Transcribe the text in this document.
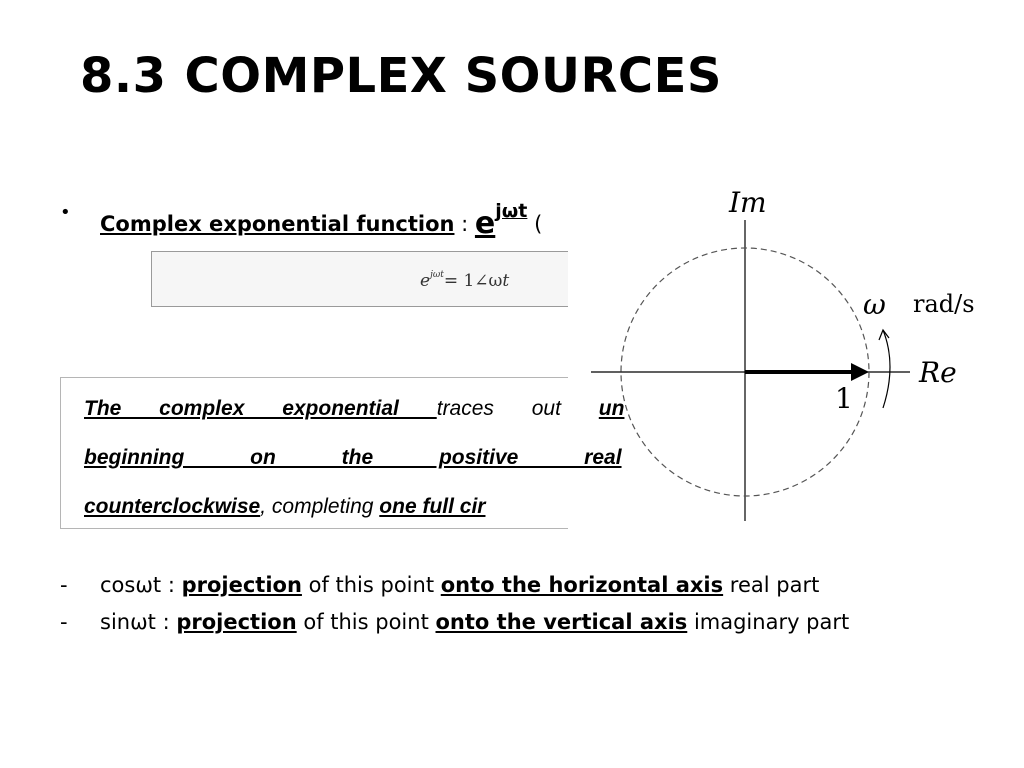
8.3 COMPLEX SOURCES
• Complex exponential function : ejωt (
$e^{j\omega t}=$ 1∠ωt
The complex exponential traces out un
beginning on the positive real
counterclockwise, completing one full cir
Im
Re
ω rad/s
1
- cosωt : projection of this point onto the horizontal axis real part
- sinωt : projection of this point onto the vertical axis imaginary part
